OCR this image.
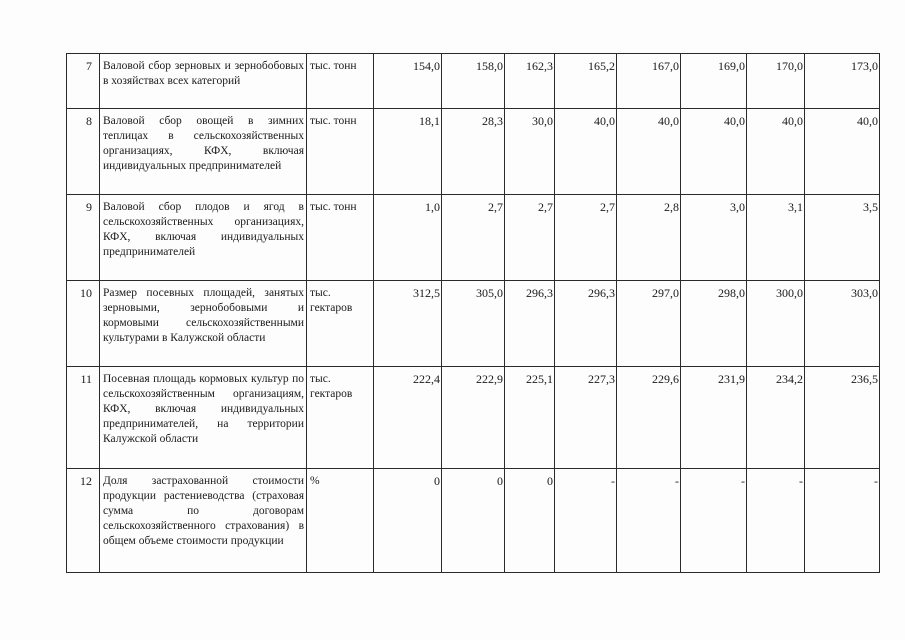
7	Валовой сбор зерновых и зернобобовых в хозяйствах всех категорий	тыс. тонн	154,0	158,0	162,3	165,2	167,0	169,0	170,0	173,0
8	Валовой сбор овощей в зимних теплицах в сельскохозяйственных организациях, КФХ, включая индивидуальных предпринимателей	тыс. тонн	18,1	28,3	30,0	40,0	40,0	40,0	40,0	40,0
9	Валовой сбор плодов и ягод в сельскохозяйственных организациях, КФХ, включая индивидуальных предпринимателей	тыс. тонн	1,0	2,7	2,7	2,7	2,8	3,0	3,1	3,5
10	Размер посевных площадей, занятых зерновыми, зернобобовыми и кормовыми сельскохозяйственными культурами в Калужской области	тыс. гектаров	312,5	305,0	296,3	296,3	297,0	298,0	300,0	303,0
11	Посевная площадь кормовых культур по сельскохозяйственным организациям, КФХ, включая индивидуальных предпринимателей, на территории Калужской области	тыс. гектаров	222,4	222,9	225,1	227,3	229,6	231,9	234,2	236,5
12	Доля застрахованной стоимости продукции растениеводства (страховая сумма по договорам сельскохозяйственного страхования) в общем объеме стоимости продукции	%	0	0	0	-	-	-	-	-
